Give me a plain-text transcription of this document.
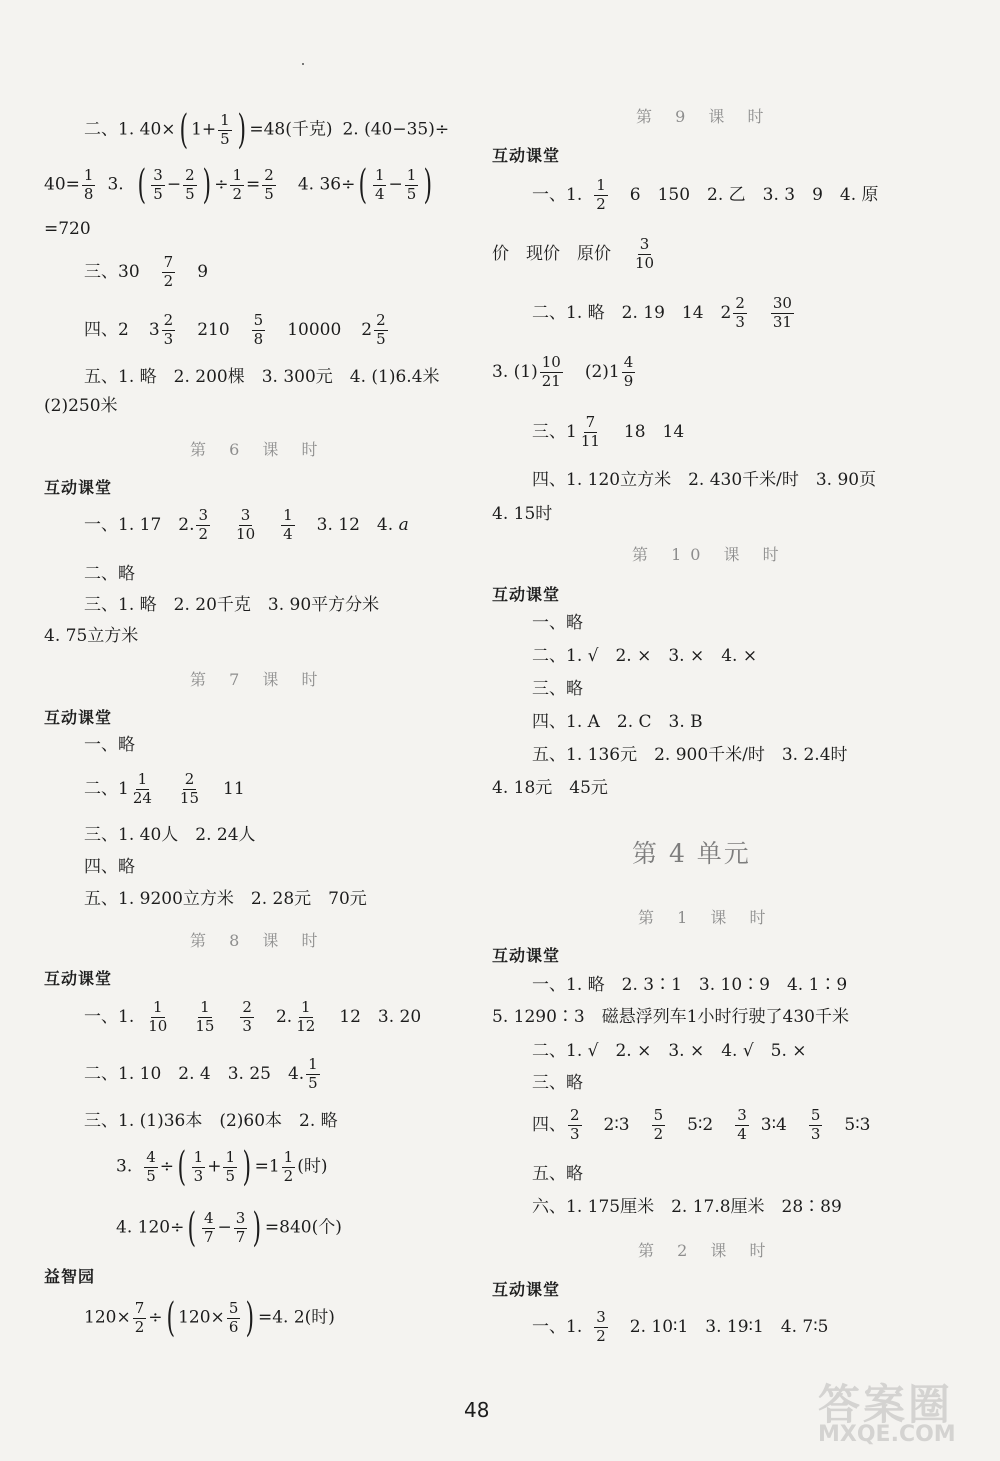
二、1. 40×( $1+ \frac{1}{5}$ ) =48(千克) 2. (40−35)÷
$40= \frac{1}{8} 3$. ( $\frac{3}{5} - \frac{2}{5}$ ) ÷ $\frac{1}{2} = \frac{2}{5} 4$. $36\div( \frac{1}{4} - \frac{1}{5}$ )
=720
三、$30 \frac{7}{2} 9$
四、2 $3 \frac{2}{3} 210 \frac{5}{8} 10000$ $2 \frac{2}{5}$
五、1. 略　2. 200棵　3. 300元　4. (1)6.4米
(2)250米
第 6 课 时
互动课堂
一、1. 17　2. $\frac{3}{2} \frac{3}{10} \frac{1}{4} 3$. 12　4. a
二、略
三、1. 略　2. 20千克　3. 90平方分米
4. 75立方米
第 7 课 时
互动课堂
一、略
二、$1 \frac{1}{24} \frac{2}{15} 11$
三、1. 40人　2. 24人
四、略
五、1. 9200立方米　2. 28元　70元
第 8 课 时
互动课堂
一、1. $\frac{1}{10} \frac{1}{15} \frac{2}{3} 2$. $\frac{1}{12} 12$　3. 20
二、1. 10　2. 4　3. 25　4. $\frac{1}{5}$
三、1. (1)36本　(2)60本　2. 略
3. $\frac{4}{5}$ ÷( $\frac{1}{3} + \frac{1}{5}$ ) $=1 \frac{1}{2}$ (时)
4. $120\div( \frac{4}{7} - \frac{3}{7}$ ) =840(个)
益智园
$120\times \frac{7}{2}$ ÷( $120\times \frac{5}{6}$ ) =4. 2(时)
第 9 课 时
互动课堂
一、1. $\frac{1}{2} 6$　150　2. 乙　3. 3　9　4. 原
价　现价　原价 $\frac{3}{10}$
二、1. 略　2. 19　14　$2 \frac{2}{3} \frac{30}{31}$
3. $(1) \frac{10}{21} (2)1 \frac{4}{9}$
三、$1 \frac{7}{11} 18$　14
四、1. 120立方米　2. 430千米/时　3. 90页
4. 15时
第 10 课 时
互动课堂
一、略
二、1. √　2. ×　3. ×　4. ×
三、略
四、1. A　2. C　3. B
五、1. 136元　2. 900千米/时　3. 2.4时
4. 18元　45元
第 4 单元
第 1 课 时
互动课堂
一、1. 略　2. 3∶1　3. 10∶9　4. 1∶9
5. 1290∶3　磁悬浮列车1小时行驶了430千米
二、1. √　2. ×　3. ×　4. √　5. ×
三、略
四、 $\frac{2}{3}$ 2∶3 $\frac{5}{2}$ 5∶2 $\frac{3}{4}$ 3∶4 $\frac{5}{3}$ 5∶3
五、略
六、1. 175厘米　2. 17.8厘米　28∶89
第 2 课 时
互动课堂
一、1. $\frac{3}{2} 2$. 10∶1　3. 19∶1　4. 7∶5
48	答案圈
MXQE.COM
